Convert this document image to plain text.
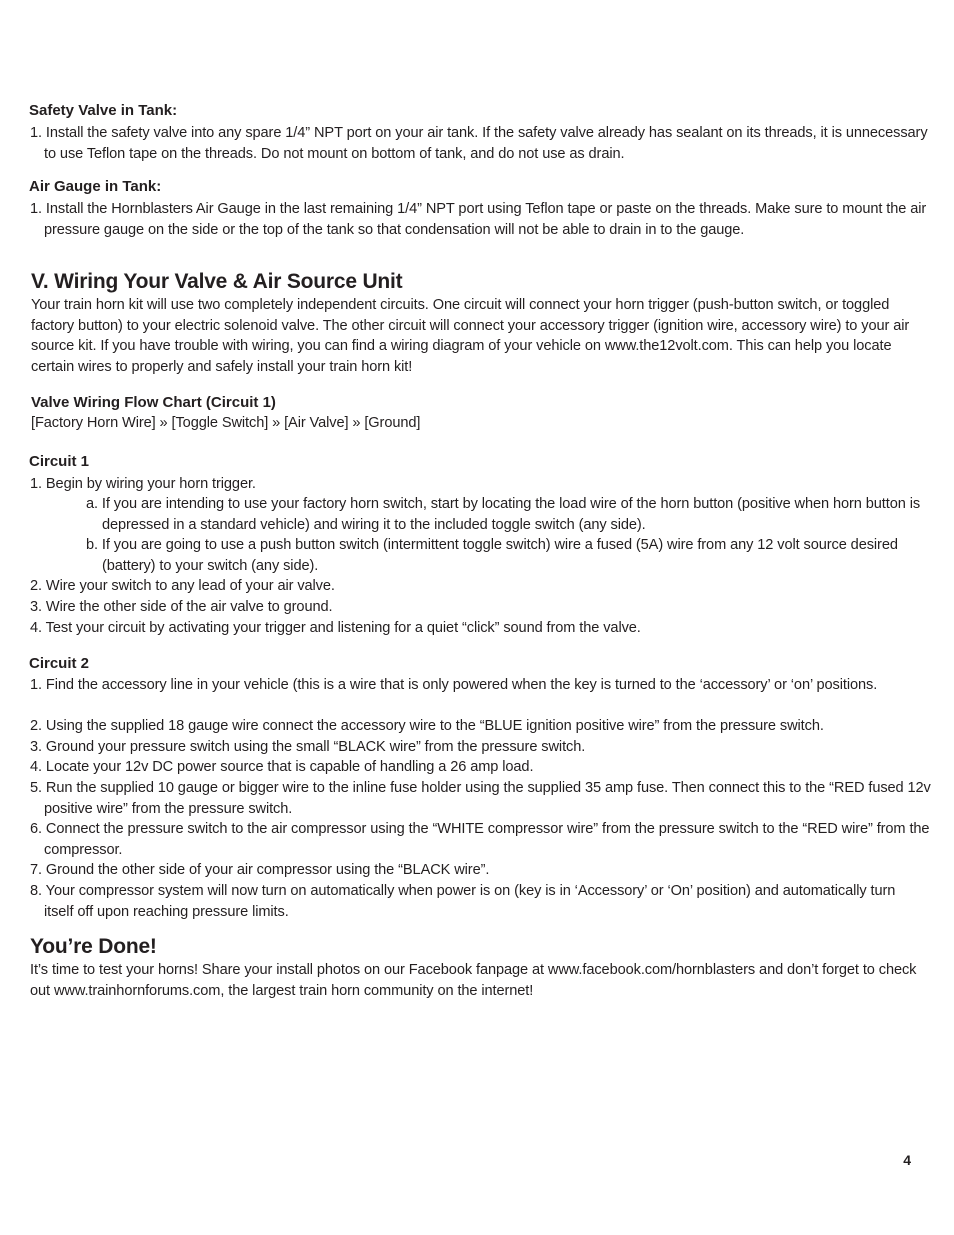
Safety Valve in Tank:

1. Install the safety valve into any spare 1/4” NPT port on your air tank. If the safety valve already has sealant on its threads, it is unnecessary to use Teflon tape on the threads. Do not mount on bottom of tank, and do not use as drain.

Air Gauge in Tank:

1. Install the Hornblasters Air Gauge in the last remaining 1/4” NPT port using Teflon tape or paste on the threads. Make sure to mount the air pressure gauge on the side or the top of the tank so that condensation will not be able to drain in to the gauge.

V. Wiring Your Valve & Air Source Unit

Your train horn kit will use two completely independent circuits. One circuit will connect your horn trigger (push-button switch, or toggled factory button) to your electric solenoid valve. The other circuit will connect your accessory trigger (ignition wire, accessory wire) to your air source kit. If you have trouble with wiring, you can find a wiring diagram of your vehicle on www.the12volt.com. This can help you locate certain wires to properly and safely install your train horn kit!

Valve Wiring Flow Chart (Circuit 1)

[Factory Horn Wire] » [Toggle Switch] » [Air Valve] » [Ground]

Circuit 1

1. Begin by wiring your horn trigger.

a. If you are intending to use your factory horn switch, start by locating the load wire of the horn button (positive when horn button is depressed in a standard vehicle) and wiring it to the included toggle switch (any side).

b. If you are going to use a push button switch (intermittent toggle switch) wire a fused (5A) wire from any 12 volt source desired (battery) to your switch (any side).

2. Wire your switch to any lead of your air valve.

3. Wire the other side of the air valve to ground.

4. Test your circuit by activating your trigger and listening for a quiet “click” sound from the valve.

Circuit 2

1. Find the accessory line in your vehicle (this is a wire that is only powered when the key is turned to the ‘accessory’ or ‘on’ positions.

2. Using the supplied 18 gauge wire connect the accessory wire to the “BLUE ignition positive wire” from the pressure switch.

3. Ground your pressure switch using the small “BLACK wire” from the pressure switch.

4. Locate your 12v DC power source that is capable of handling a 26 amp load.

5. Run the supplied 10 gauge or bigger wire to the inline fuse holder using the supplied 35 amp fuse. Then connect this to the “RED fused 12v positive wire” from the pressure switch.

6. Connect the pressure switch to the air compressor using the “WHITE compressor wire” from the pressure switch to the “RED wire” from the compressor.

7. Ground the other side of your air compressor using the “BLACK wire”.

8. Your compressor system will now turn on automatically when power is on (key is in ‘Accessory’ or ‘On’ position) and automatically turn itself off upon reaching pressure limits.

You’re Done!

It’s time to test your horns! Share your install photos on our Facebook fanpage at www.facebook.com/hornblasters and don’t forget to check out www.trainhornforums.com, the largest train horn community on the internet!

4
